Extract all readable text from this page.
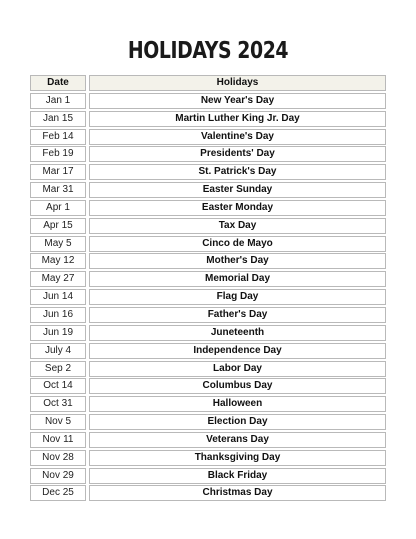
HOLIDAYS 2024
Date	Holidays
Jan 1	New Year's Day
Jan 15	Martin Luther King Jr. Day
Feb 14	Valentine's Day
Feb 19	Presidents' Day
Mar 17	St. Patrick's Day
Mar 31	Easter Sunday
Apr 1	Easter Monday
Apr 15	Tax Day
May 5	Cinco de Mayo
May 12	Mother's Day
May 27	Memorial Day
Jun 14	Flag Day
Jun 16	Father's Day
Jun 19	Juneteenth
July 4	Independence Day
Sep 2	Labor Day
Oct 14	Columbus Day
Oct 31	Halloween
Nov 5	Election Day
Nov 11	Veterans Day
Nov 28	Thanksgiving Day
Nov 29	Black Friday
Dec 25	Christmas Day
